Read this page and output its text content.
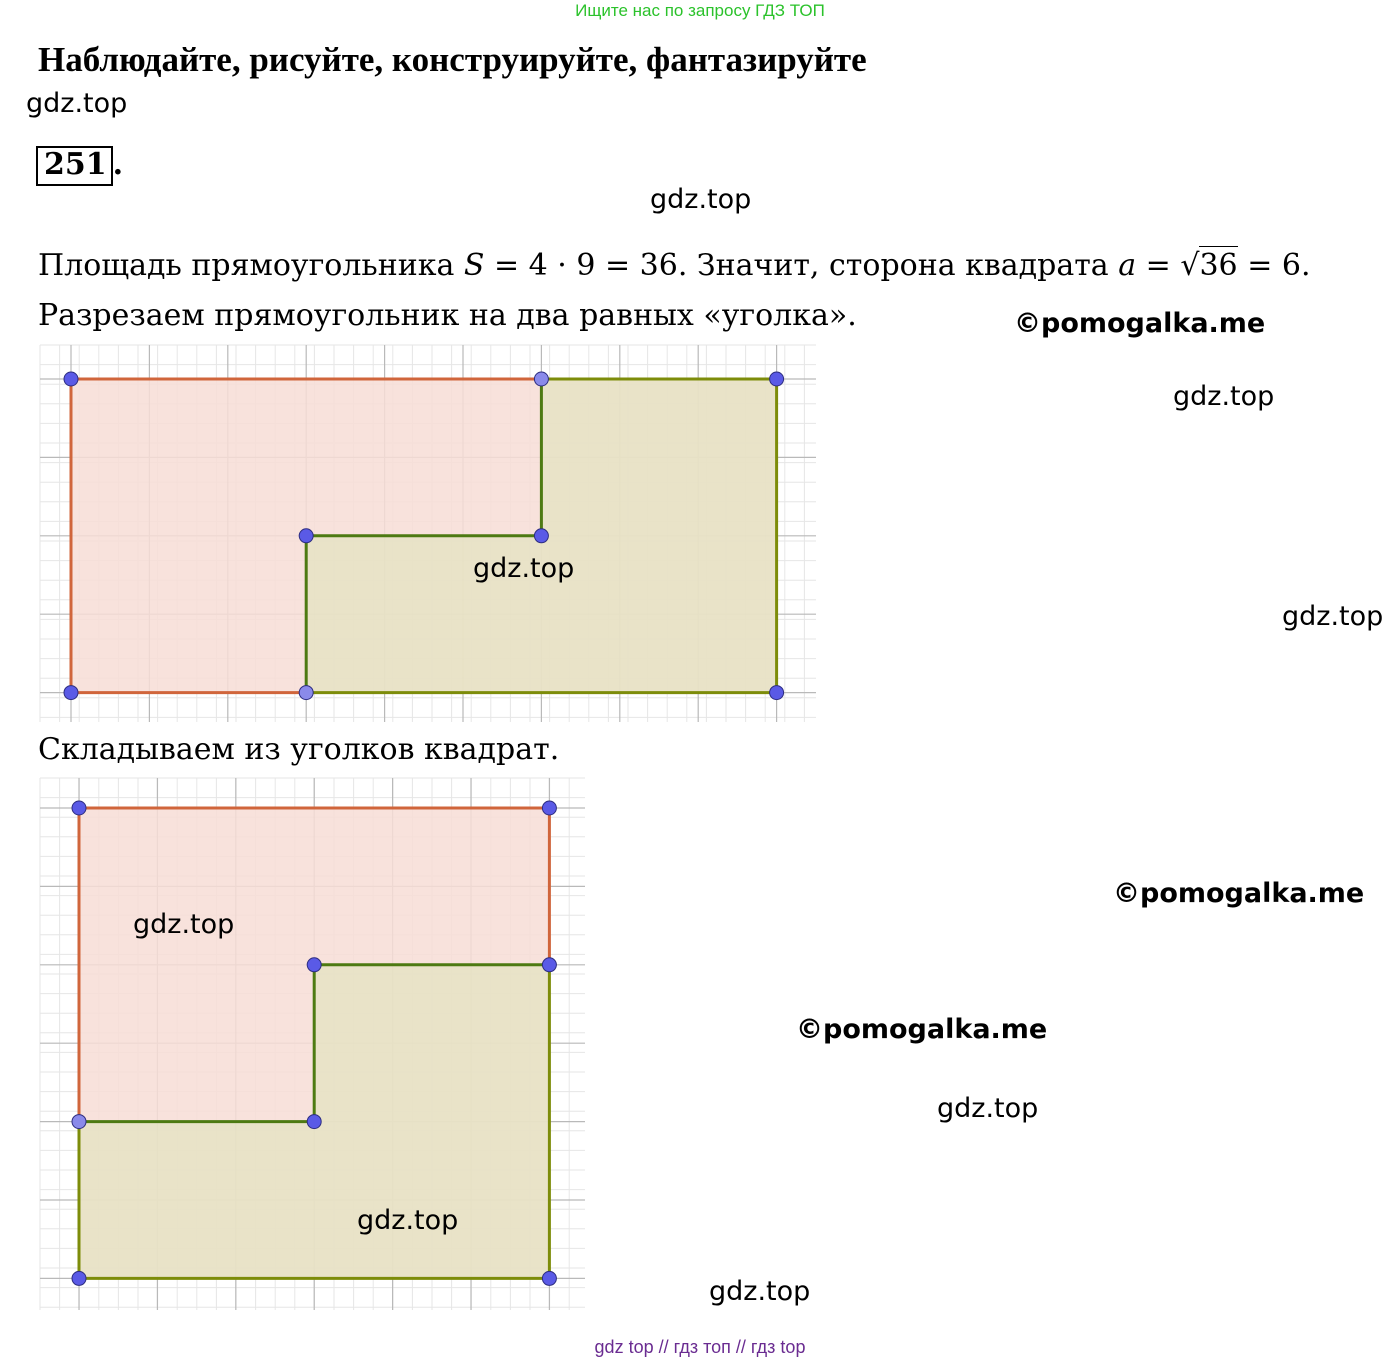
Ищите нас по запросу ГДЗ ТОП
Наблюдайте, рисуйте, конструируйте, фантазируйте
gdz.top
251 .
gdz.top
Площадь прямоугольника S = 4 · 9 = 36. Значит, сторона квадрата a = √36 = 6.
Разрезаем прямоугольник на два равных «уголка».	©pomogalka.me
gdz.top
gdz.top
gdz.top
Складываем из уголков квадрат.
gdz.top
©pomogalka.me
©pomogalka.me
gdz.top
gdz.top
gdz.top
gdz top // гдз топ // гдз top
